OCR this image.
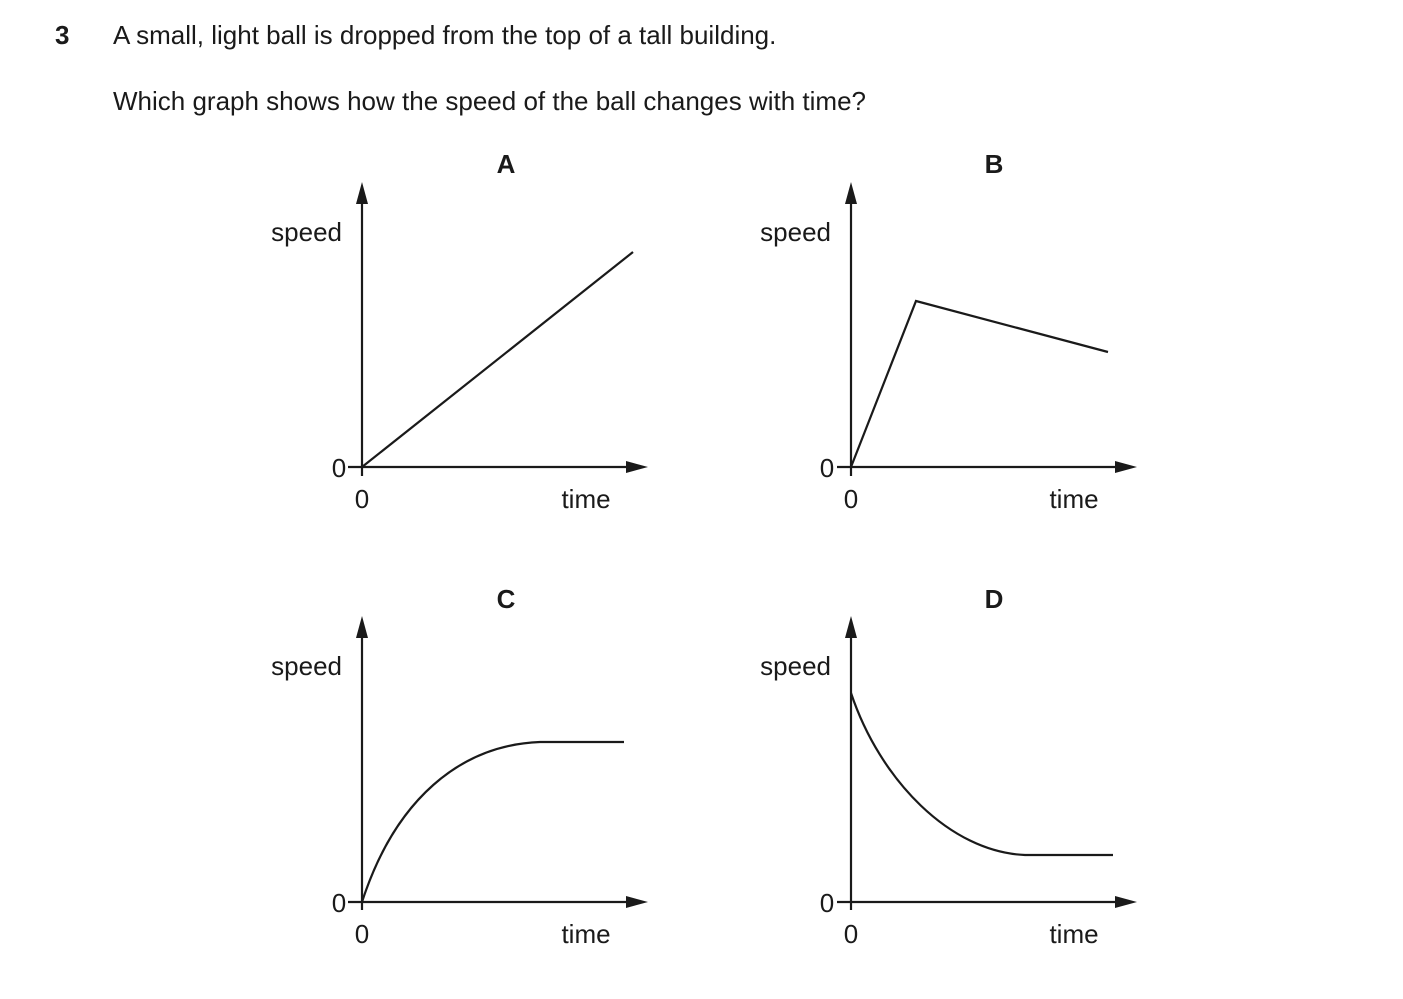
3 A small, light ball is dropped from the top of a tall building.
Which graph shows how the speed of the ball changes with time?
A
speed
0
0	time
B
speed
0
0	time
C
speed
0
0	time
D
speed
0
0	time
